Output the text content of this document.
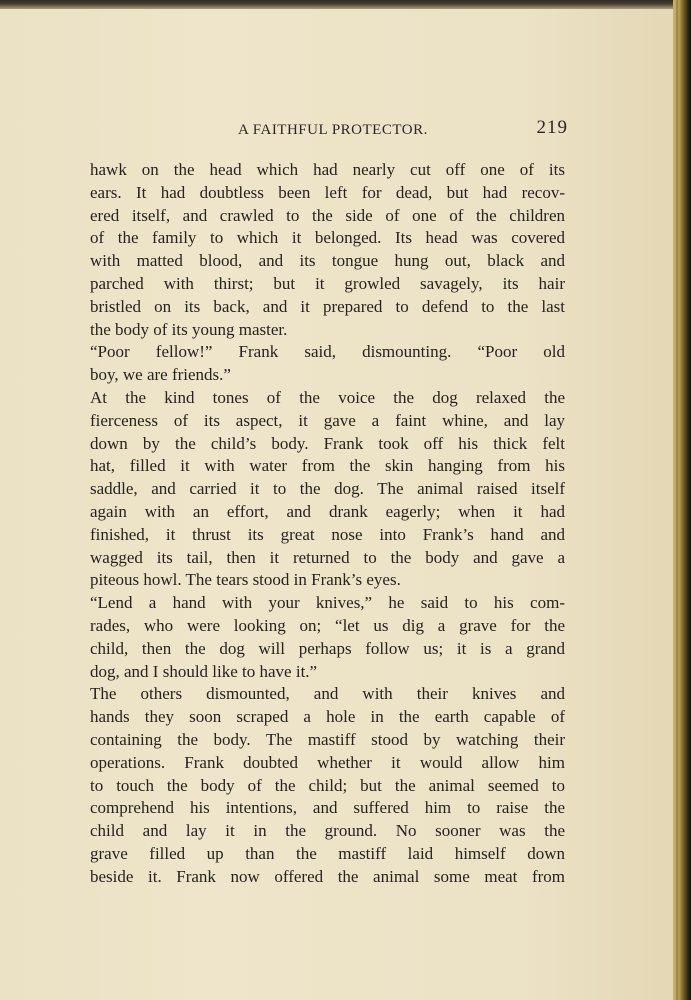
A FAITHFUL PROTECTOR.	219
hawk on the head which had nearly cut off one of its
ears. It had doubtless been left for dead, but had recov-
ered itself, and crawled to the side of one of the children
of the family to which it belonged. Its head was covered
with matted blood, and its tongue hung out, black and
parched with thirst; but it growled savagely, its hair
bristled on its back, and it prepared to defend to the last
the body of its young master.
“Poor fellow!” Frank said, dismounting. “Poor old
boy, we are friends.”
At the kind tones of the voice the dog relaxed the
fierceness of its aspect, it gave a faint whine, and lay
down by the child’s body. Frank took off his thick felt
hat, filled it with water from the skin hanging from his
saddle, and carried it to the dog. The animal raised itself
again with an effort, and drank eagerly; when it had
finished, it thrust its great nose into Frank’s hand and
wagged its tail, then it returned to the body and gave a
piteous howl. The tears stood in Frank’s eyes.
“Lend a hand with your knives,” he said to his com-
rades, who were looking on; “let us dig a grave for the
child, then the dog will perhaps follow us; it is a grand
dog, and I should like to have it.”
The others dismounted, and with their knives and
hands they soon scraped a hole in the earth capable of
containing the body. The mastiff stood by watching their
operations. Frank doubted whether it would allow him
to touch the body of the child; but the animal seemed to
comprehend his intentions, and suffered him to raise the
child and lay it in the ground. No sooner was the
grave filled up than the mastiff laid himself down
beside it. Frank now offered the animal some meat from
